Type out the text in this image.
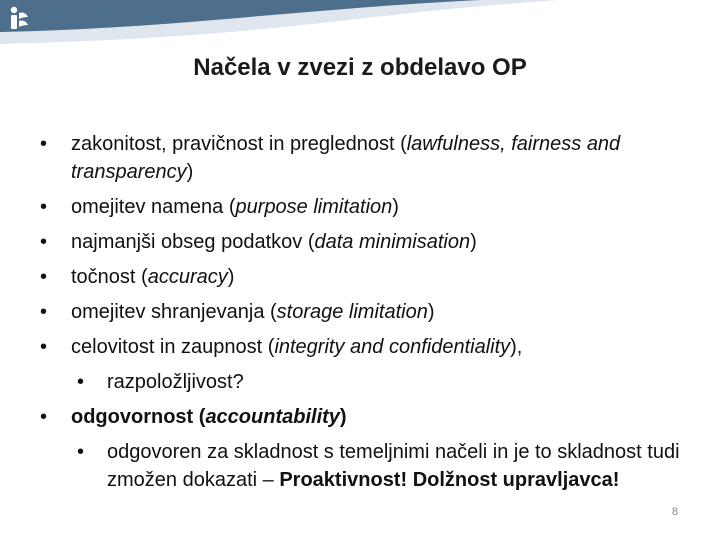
Načela v zvezi z obdelavo OP
•	zakonitost, pravičnost in preglednost (lawfulness, fairness and transparency)
•	omejitev namena (purpose limitation)
•	najmanjši obseg podatkov (data minimisation)
•	točnost (accuracy)
•	omejitev shranjevanja (storage limitation)
•	celovitost in zaupnost (integrity and confidentiality),
• razpoložljivost?
•	odgovornost (accountability)
• odgovoren za skladnost s temeljnimi načeli in je to skladnost tudi zmožen dokazati – Proaktivnost! Dolžnost upravljavca!
8
